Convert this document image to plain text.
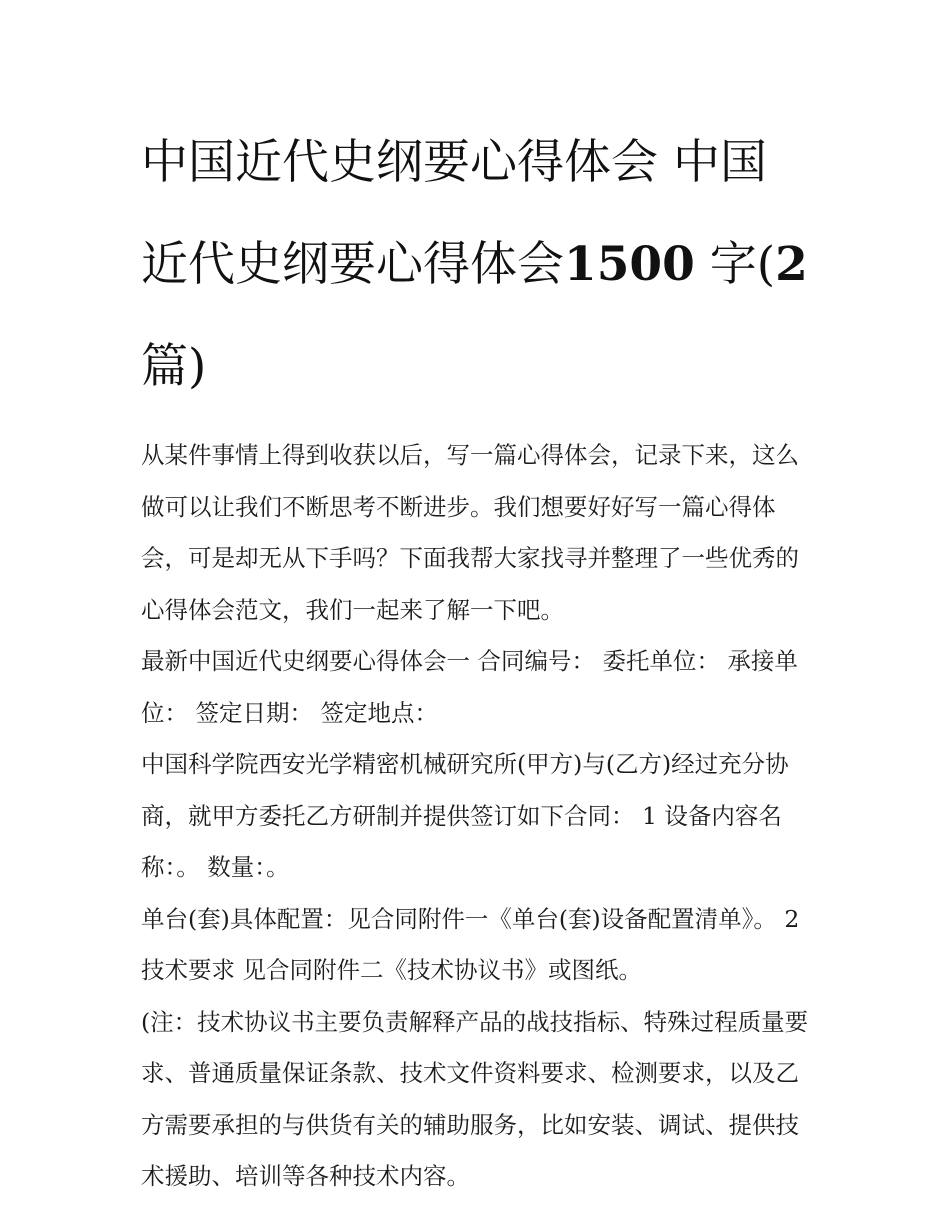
中国近代史纲要心得体会 中国近代史纲要心得体会1500 字(2篇)

从某件事情上得到收获以后，写一篇心得体会，记录下来，这么做可以让我们不断思考不断进步。我们想要好好写一篇心得体会，可是却无从下手吗？下面我帮大家找寻并整理了一些优秀的心得体会范文，我们一起来了解一下吧。

最新中国近代史纲要心得体会一 合同编号： 委托单位： 承接单位： 签定日期： 签定地点：

中国科学院西安光学精密机械研究所(甲方)与(乙方)经过充分协商，就甲方委托乙方研制并提供签订如下合同： 1 设备内容名称：。 数量：。

单台(套)具体配置：见合同附件一《单台(套)设备配置清单》。 2 技术要求 见合同附件二《技术协议书》或图纸。

(注：技术协议书主要负责解释产品的战技指标、特殊过程质量要求、普通质量保证条款、技术文件资料要求、检测要求，以及乙方需要承担的与供货有关的辅助服务，比如安装、调试、提供技术援助、培训等各种技术内容。
